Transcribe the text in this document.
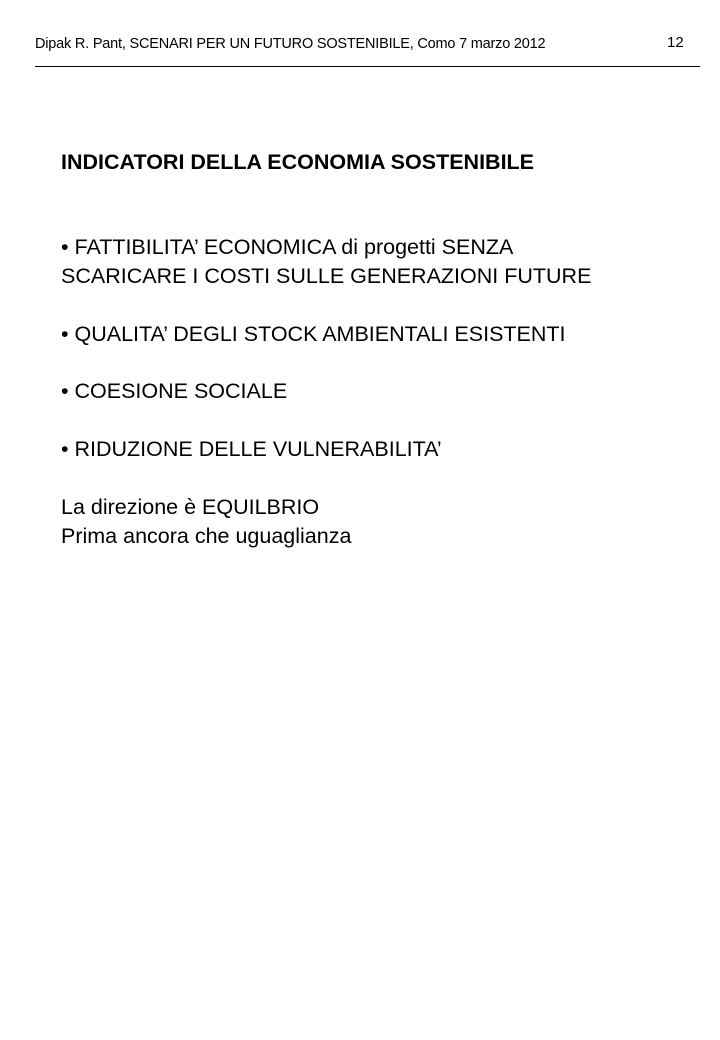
Dipak R. Pant, SCENARI PER UN FUTURO SOSTENIBILE, Como 7 marzo 2012	12
INDICATORI DELLA ECONOMIA SOSTENIBILE
• FATTIBILITA’ ECONOMICA di progetti SENZA
SCARICARE I COSTI SULLE GENERAZIONI FUTURE
• QUALITA’ DEGLI STOCK AMBIENTALI ESISTENTI
• COESIONE SOCIALE
• RIDUZIONE DELLE VULNERABILITA’
La direzione è EQUILBRIO
Prima ancora che uguaglianza
